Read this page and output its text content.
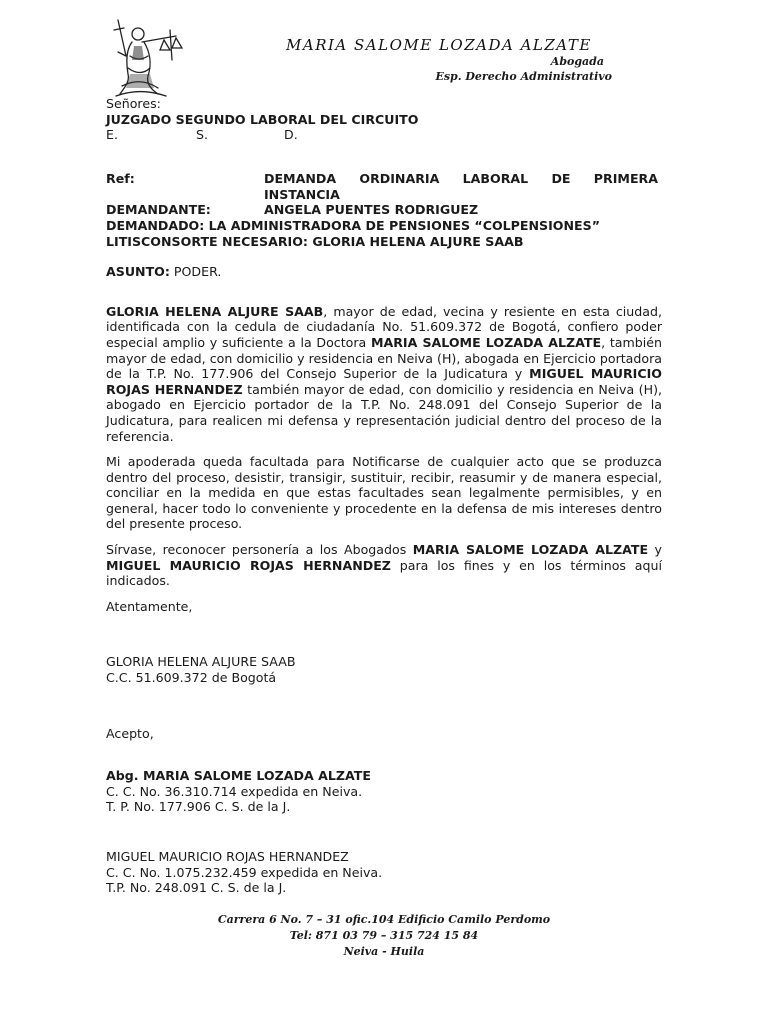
MARIA SALOME LOZADA ALZATE
Abogada
Esp. Derecho Administrativo
Señores:
JUZGADO SEGUNDO LABORAL DEL CIRCUITO
E.	S.	D.
Ref:	DEMANDA ORDINARIA LABORAL DE PRIMERA
INSTANCIA
DEMANDANTE:	ANGELA PUENTES RODRIGUEZ
DEMANDADO: LA ADMINISTRADORA DE PENSIONES “COLPENSIONES”
LITISCONSORTE NECESARIO: GLORIA HELENA ALJURE SAAB
ASUNTO: PODER.
GLORIA HELENA ALJURE SAAB, mayor de edad, vecina y resiente en esta ciudad, identificada con la cedula de ciudadanía No. 51.609.372 de Bogotá, confiero poder especial amplio y suficiente a la Doctora MARIA SALOME LOZADA ALZATE, también mayor de edad, con domicilio y residencia en Neiva (H), abogada en Ejercicio portadora de la T.P. No. 177.906 del Consejo Superior de la Judicatura y MIGUEL MAURICIO ROJAS HERNANDEZ también mayor de edad, con domicilio y residencia en Neiva (H), abogado en Ejercicio portador de la T.P. No. 248.091 del Consejo Superior de la Judicatura, para realicen mi defensa y representación judicial dentro del proceso de la referencia.
Mi apoderada queda facultada para Notificarse de cualquier acto que se produzca dentro del proceso, desistir, transigir, sustituir, recibir, reasumir y de manera especial, conciliar en la medida en que estas facultades sean legalmente permisibles, y en general, hacer todo lo conveniente y procedente en la defensa de mis intereses dentro del presente proceso.
Sírvase, reconocer personería a los Abogados MARIA SALOME LOZADA ALZATE y MIGUEL MAURICIO ROJAS HERNANDEZ para los fines y en los términos aquí indicados.
Atentamente,
GLORIA HELENA ALJURE SAAB
C.C. 51.609.372 de Bogotá
Acepto,
Abg. MARIA SALOME LOZADA ALZATE
C. C. No. 36.310.714 expedida en Neiva.
T. P. No. 177.906 C. S. de la J.
MIGUEL MAURICIO ROJAS HERNANDEZ
C. C. No. 1.075.232.459 expedida en Neiva.
T.P. No. 248.091 C. S. de la J.
Carrera 6 No. 7 – 31 ofic.104 Edificio Camilo Perdomo
Tel: 871 03 79 – 315 724 15 84
Neiva - Huila
